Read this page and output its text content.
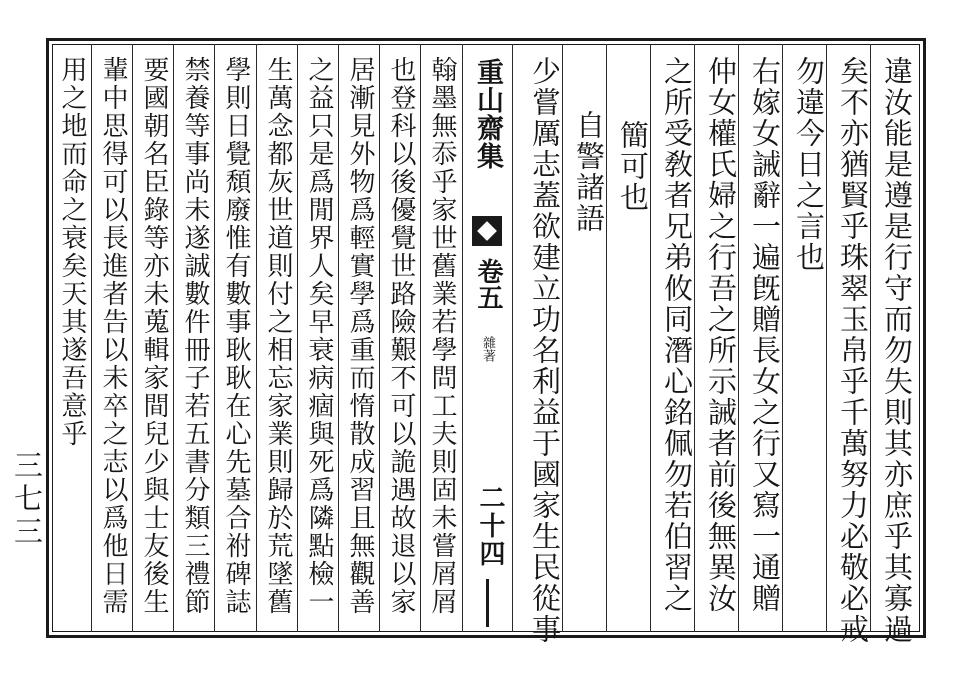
三七三	違汝能是遵是行守而勿失則其亦庶乎其寡過
矣不亦猶賢乎珠翠玉帛乎千萬努力必敬必戒
勿違今日之言也
右嫁女誡辭一遍旣贈長女之行又寫一通贈
仲女權氏婦之行吾之所示誡者前後無異汝
之所受敎者兄弟攸同潛心銘佩勿若伯習之
簡可也
自警諸語
少嘗厲志蓋欲建立功名利益于國家生民從事
重山齋集
卷五
雜著
二十四
翰墨無忝乎家世舊業若學問工夫則固未嘗屑屑
也登科以後優覺世路險艱不可以詭遇故退以家
居漸見外物爲輕實學爲重而惰散成習且無觀善
之益只是爲閒界人矣早衰病痼與死爲隣點檢一
生萬念都灰世道則付之相忘家業則歸於荒墜舊
學則日覺頹廢惟有數事耿耿在心先墓合祔碑誌
禁養等事尚未遂誠數件冊子若五書分類三禮節
要國朝名臣錄等亦未蒐輯家間兒少與士友後生
輩中思得可以長進者告以未卒之志以爲他日需
用之地而命之衰矣天其遂吾意乎
